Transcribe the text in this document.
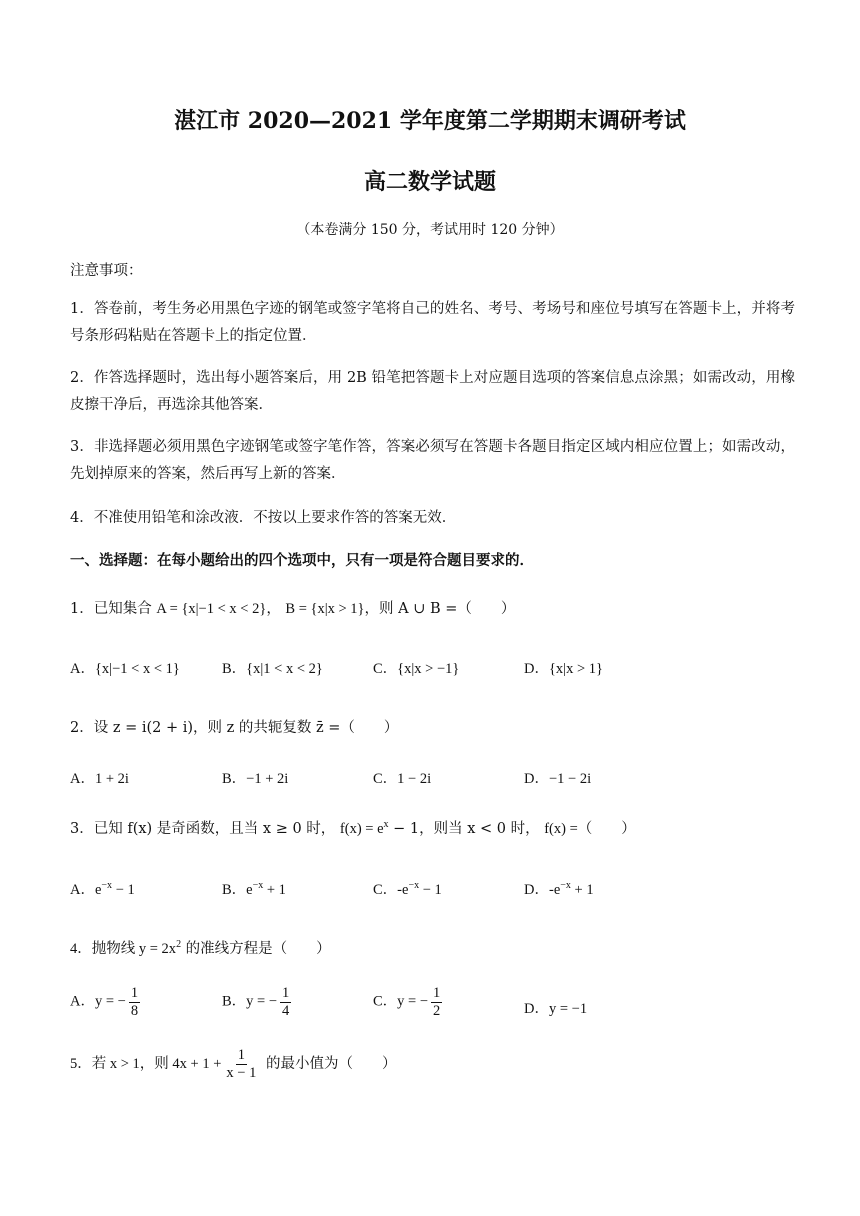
湛江市 2020—2021 学年度第二学期期末调研考试
高二数学试题
（本卷满分 150 分，考试用时 120 分钟）
注意事项：
1．答卷前，考生务必用黑色字迹的钢笔或签字笔将自己的姓名、考号、考场号和座位号填写在答题卡上，并将考号条形码粘贴在答题卡上的指定位置．
2．作答选择题时，选出每小题答案后，用 2B 铅笔把答题卡上对应题目选项的答案信息点涂黑；如需改动，用橡皮擦干净后，再选涂其他答案．
3．非选择题必须用黑色字迹钢笔或签字笔作答，答案必须写在答题卡各题目指定区域内相应位置上；如需改动，先划掉原来的答案，然后再写上新的答案．
4．不准使用铅笔和涂改液．不按以上要求作答的答案无效．
一、选择题：在每小题给出的四个选项中，只有一项是符合题目要求的．
1．已知集合 A = {x|−1 < x < 2}， B = {x|x > 1}，则 A ∪ B =（　　）
A．{x|−1 < x < 1}	B．{x|1 < x < 2}	C．{x|x > −1}	D．{x|x > 1}
2．设 z = i(2 + i)，则 z 的共轭复数 z̄ =（　　）
A．1 + 2i	B．−1 + 2i	C．1 − 2i	D．−1 − 2i
3．已知 f(x) 是奇函数，且当 x ≥ 0 时， $f(x) = e^x - 1$，则当 x < 0 时， f(x) =（　　）
A．$e^{-x} - 1$	B．$e^{-x} + 1$	C．$-e^{-x} - 1$	D．$-e^{-x} + 1$
4．抛物线 $y = 2x^2$ 的准线方程是（　　）
A．y = − $\frac{1}{8}$	B．y = − $\frac{1}{4}$	C．y = − $\frac{1}{2}$	D．y = −1
5．若 x > 1，则 $4x + 1 + \frac{1}{x - 1}$ 的最小值为（　　）
